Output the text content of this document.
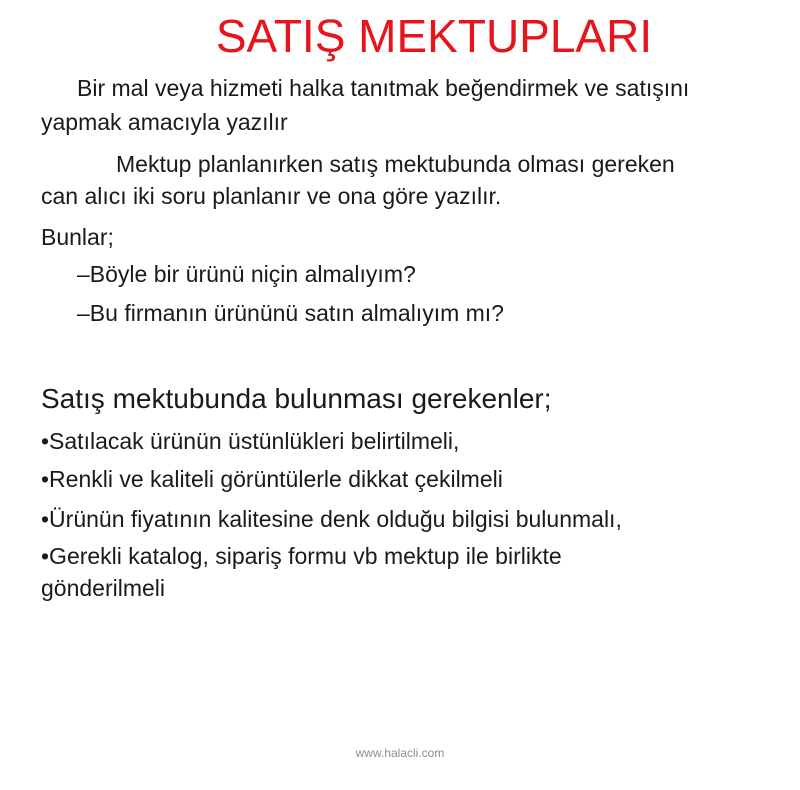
SATIŞ MEKTUPLARI
Bir mal veya hizmeti halka tanıtmak beğendirmek ve satışını
yapmak amacıyla yazılır
Mektup planlanırken satış mektubunda olması gereken
can alıcı iki soru planlanır ve ona göre yazılır.
Bunlar;
–Böyle bir ürünü niçin almalıyım?
–Bu firmanın ürününü satın almalıyım mı?
Satış mektubunda bulunması gerekenler;
•Satılacak ürünün üstünlükleri belirtilmeli,
•Renkli ve kaliteli görüntülerle dikkat çekilmeli
•Ürünün fiyatının kalitesine denk olduğu bilgisi bulunmalı,
•Gerekli katalog, sipariş formu vb mektup ile birlikte
gönderilmeli
www.halacli.com
